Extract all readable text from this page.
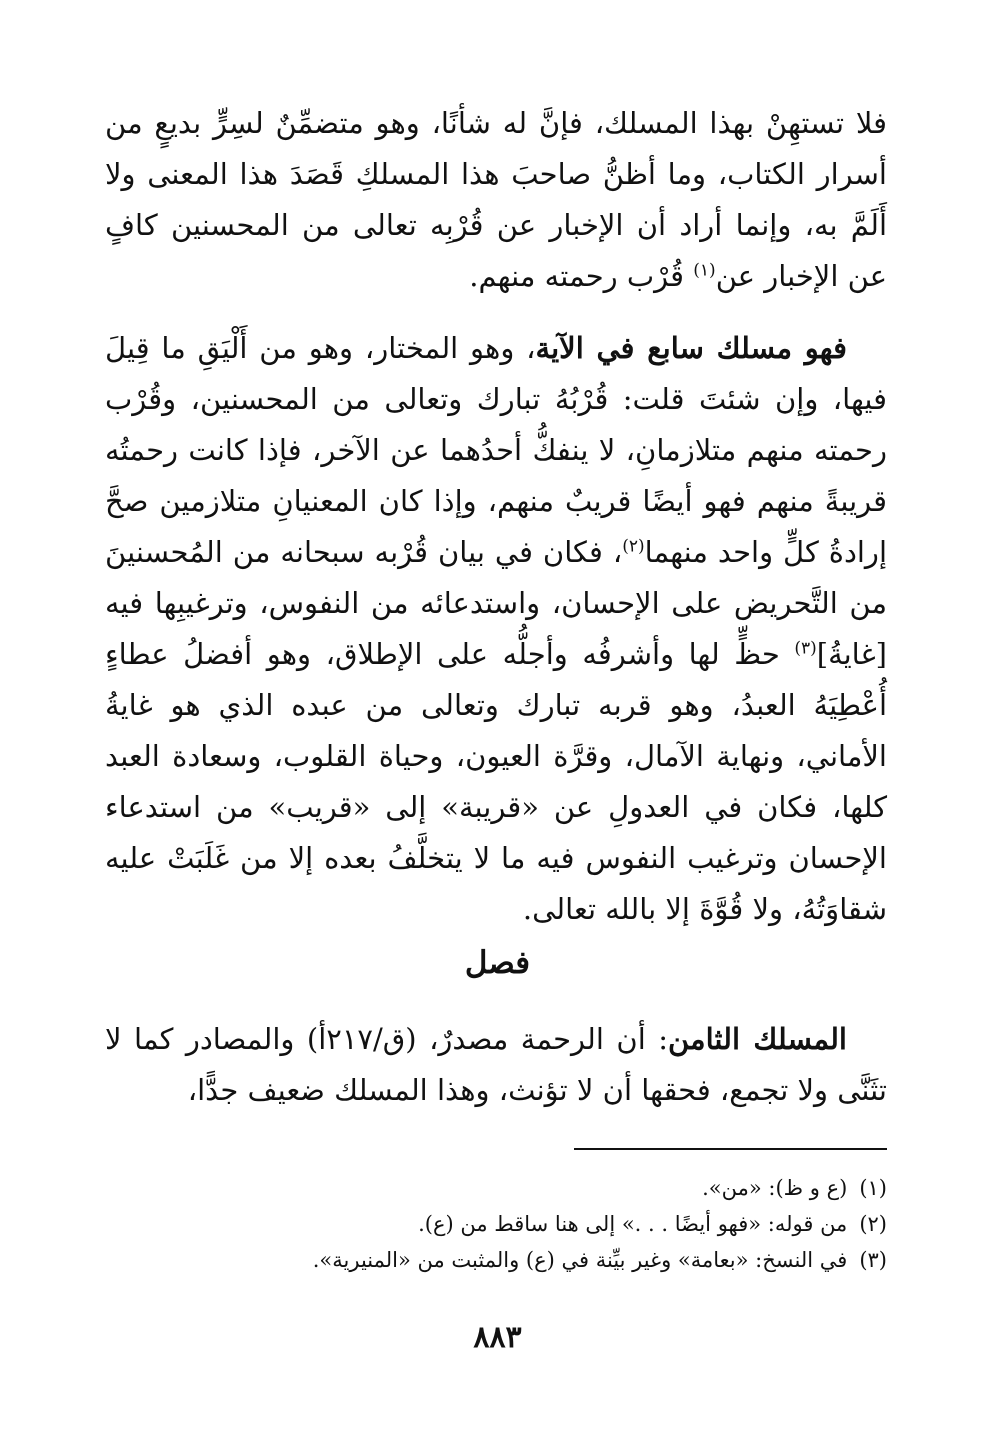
فلا تستهِنْ بهذا المسلك، فإنَّ له شأنًا، وهو متضمِّنٌ لسِرٍّ بديعٍ من أسرار الكتاب، وما أظنُّ صاحبَ هذا المسلكِ قَصَدَ هذا المعنى ولا أَلَمَّ به، وإنما أراد أن الإخبار عن قُرْبِه تعالى من المحسنين كافٍ عن الإخبار عن$^{(١)}$ قُرْب رحمته منهم.
فهو مسلك سابع في الآية، وهو المختار، وهو من أَلْيَقِ ما قِيلَ فيها، وإن شئتَ قلت: قُرْبُهُ تبارك وتعالى من المحسنين، وقُرْب رحمته منهم متلازمانِ، لا ينفكُّ أحدُهما عن الآخر، فإذا كانت رحمتُه قريبةً منهم فهو أيضًا قريبٌ منهم، وإذا كان المعنيانِ متلازمين صحَّ إرادةُ كلٍّ واحد منهما$^{(٢)}$، فكان في بيان قُرْبه سبحانه من المُحسنينَ من التَّحريض على الإحسان، واستدعائه من النفوس، وترغيبِها فيه [غايةُ]$^{(٣)}$ حظٍّ لها وأشرفُه وأجلُّه على الإطلاق، وهو أفضلُ عطاءٍ أُعْطِيَهُ العبدُ، وهو قربه تبارك وتعالى من عبده الذي هو غايةُ الأماني، ونهاية الآمال، وقرَّة العيون، وحياة القلوب، وسعادة العبد كلها، فكان في العدولِ عن «قريبة» إلى «قريب» من استدعاء الإحسان وترغيب النفوس فيه ما لا يتخلَّفُ بعده إلا من غَلَبَتْ عليه شقاوَتُهُ، ولا قُوَّةَ إلا بالله تعالى.
فصل
المسلك الثامن: أن الرحمة مصدرٌ، (ق/٢١٧أ) والمصادر كما لا تثَنَّى ولا تجمع، فحقها أن لا تؤنث، وهذا المسلك ضعيف جدًّا،
(١)
(ع و ظ): «من».
(٢)
من قوله: «فهو أيضًا . . .» إلى هنا ساقط من (ع).
(٣)
في النسخ: «بعامة» وغير بيِّنة في (ع) والمثبت من «المنيرية».
٨٨٣
